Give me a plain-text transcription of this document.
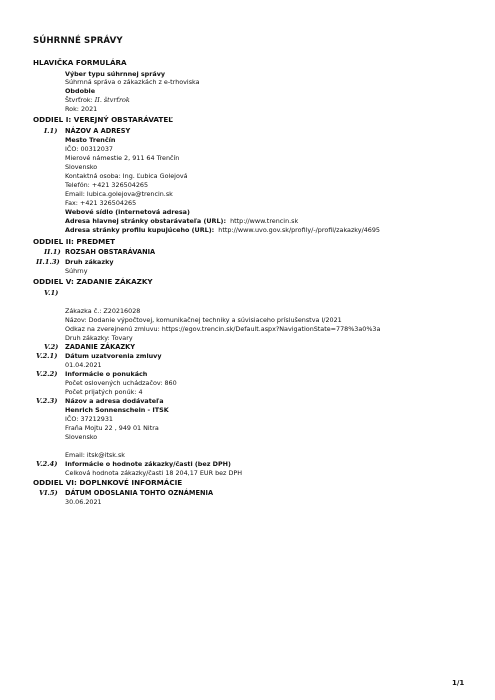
SÚHRNNÉ SPRÁVY
HLAVIČKA FORMULÁRA
Výber typu súhrnnej správy
Súhrnná správa o zákazkách z e-trhoviska
Obdobie
Štvrťrok: II. štvrťrok
Rok: 2021
ODDIEL I: VEREJNÝ OBSTARÁVATEĽ
I.1) NÁZOV A ADRESY
Mesto Trenčín
IČO: 00312037
Mierové námestie 2, 911 64 Trenčín
Slovensko
Kontaktná osoba: Ing. Ľubica Golejová
Telefón: +421 326504265
Email: lubica.golejova@trencin.sk
Fax: +421 326504265
Webové sídlo (internetová adresa)
Adresa hlavnej stránky obstarávateľa (URL): http://www.trencin.sk
Adresa stránky profilu kupujúceho (URL): http://www.uvo.gov.sk/profily/-/profil/zakazky/4695
ODDIEL II: PREDMET
II.1) ROZSAH OBSTARÁVANIA
II.1.3) Druh zákazky
Súhrny
ODDIEL V: ZADANIE ZÁKAZKY
V.1)
Zákazka č.: Z20216028
Názov: Dodanie výpočtovej, komunikačnej techniky a súvisiaceho príslušenstva I/2021
Odkaz na zverejnenú zmluvu: https://egov.trencin.sk/Default.aspx?NavigationState=778%3a0%3a
Druh zákazky: Tovary
V.2) ZADANIE ZÁKAZKY
V.2.1) Dátum uzatvorenia zmluvy
01.04.2021
V.2.2) Informácie o ponukách
Počet oslovených uchádzačov: 860
Počet prijatých ponúk: 4
V.2.3) Názov a adresa dodávateľa
Henrich Sonnenschein - ITSK
IČO: 37212931
Fraňa Mojtu 22 , 949 01 Nitra
Slovensko
Email: itsk@itsk.sk
V.2.4) Informácie o hodnote zákazky/časti (bez DPH)
Celková hodnota zákazky/časti 18 204,17 EUR bez DPH
ODDIEL VI: DOPLNKOVÉ INFORMÁCIE
VI.5) DÁTUM ODOSLANIA TOHTO OZNÁMENIA
30.06.2021
1/1
